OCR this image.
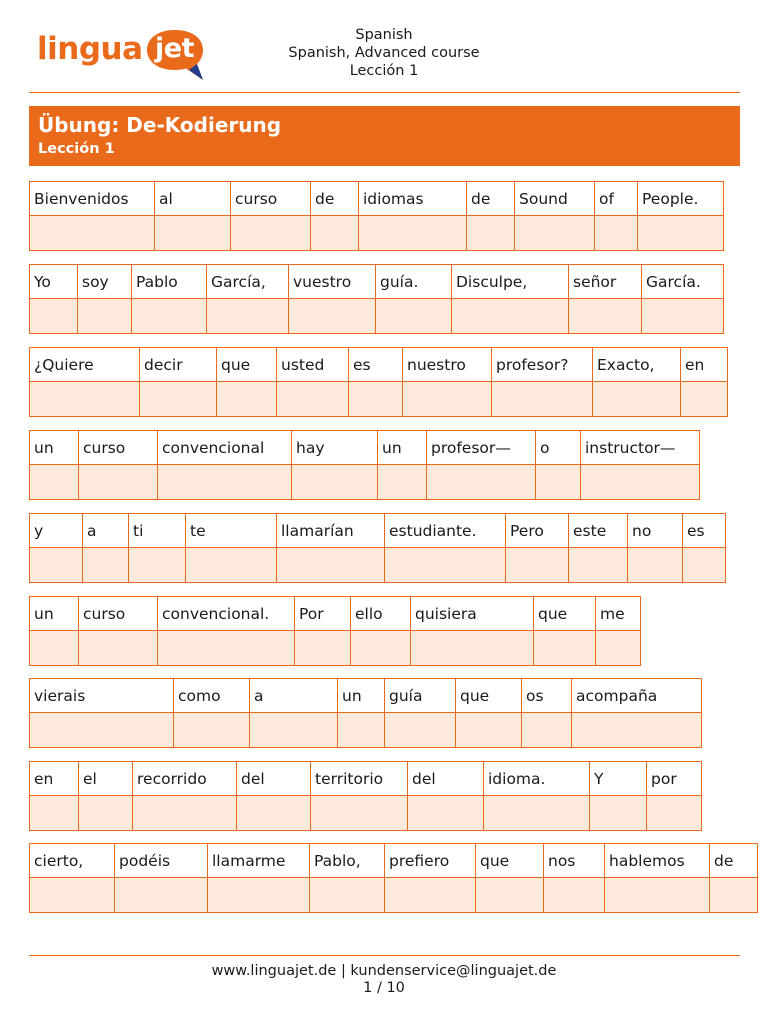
lingua jet	Spanish
Spanish, Advanced course
Lección 1
Übung: De-Kodierung
Lección 1
Bienvenidos	al	curso	de	idiomas	de	Sound	of	People.
Yo	soy	Pablo	García,	vuestro	guía.	Disculpe,	señor	García.
¿Quiere	decir	que	usted	es	nuestro	profesor?	Exacto,	en
un	curso	convencional	hay	un	profesor—	o	instructor—
y	a	ti	te	llamarían	estudiante.	Pero	este	no	es
un	curso	convencional.	Por	ello	quisiera	que	me
vierais	como	a	un	guía	que	os	acompaña
en	el	recorrido	del	territorio	del	idioma.	Y	por
cierto,	podéis	llamarme	Pablo,	prefiero	que	nos	hablemos	de
www.linguajet.de | kundenservice@linguajet.de
1 / 10
